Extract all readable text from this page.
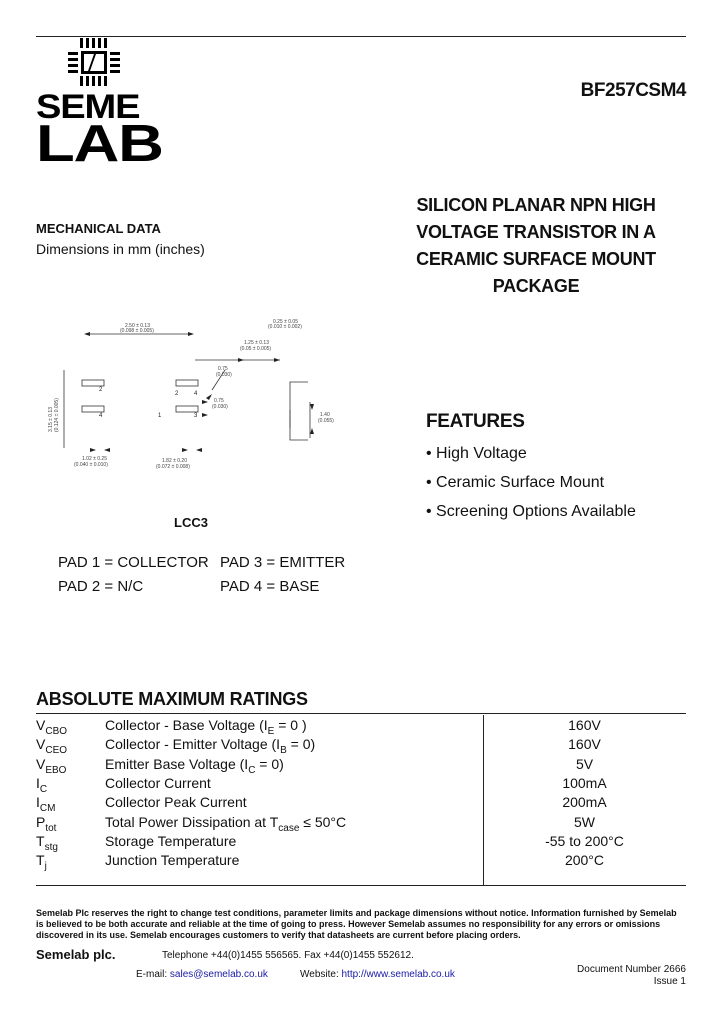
SEME
LAB
BF257CSM4
SILICON PLANAR NPN HIGH
VOLTAGE TRANSISTOR IN A
CERAMIC SURFACE MOUNT
PACKAGE
MECHANICAL DATA
Dimensions in mm (inches)
2.50 ± 0.13
(0.098 ± 0.005)
0.25 ± 0.05
(0.010 ± 0.002)
1.25 ± 0.13
(0.05 ± 0.005)
0.75
(0.030)
0.75
(0.030)
1.02 ± 0.25
(0.040 ± 0.010)
1.82 ± 0.20
(0.072 ± 0.008)
1.40
(0.055)
3.15 ± 0.13 (0.124 ± 0.005)
2
4
2	4
1	3
LCC3
PAD 1 = COLLECTOR PAD 3 = EMITTER
PAD 2 = N/C	PAD 4 = BASE
FEATURES
• High Voltage
• Ceramic Surface Mount
• Screening Options Available
ABSOLUTE MAXIMUM RATINGS
$V_{CBO}$	Collector - Base Voltage ($I_E = 0$ )	160V
$V_{CEO}$	Collector - Emitter Voltage $(I_B = 0)$	160V
$V_{EBO}$	Emitter Base Voltage $(I_C = 0)$	5V
$I_C$	Collector Current	100mA
$I_{CM}$	Collector Peak Current	200mA
$P_{tot}$	Total Power Dissipation at $T_{case} \le 50^\circ C$	5W
$T_{stg}$	Storage Temperature	-55 to 200°C
$T_j$	Junction Temperature	200°C
Semelab Plc reserves the right to change test conditions, parameter limits and package dimensions without notice. Information furnished by Semelab is believed to be both accurate and reliable at the time of going to press. However Semelab assumes no responsibility for any errors or omissions discovered in its use. Semelab encourages customers to verify that datasheets are current before placing orders.
Semelab plc.	Telephone +44(0)1455 556565. Fax +44(0)1455 552612.
E-mail: sales@semelab.co.uk	Website: http://www.semelab.co.uk	Document Number 2666
Issue 1
